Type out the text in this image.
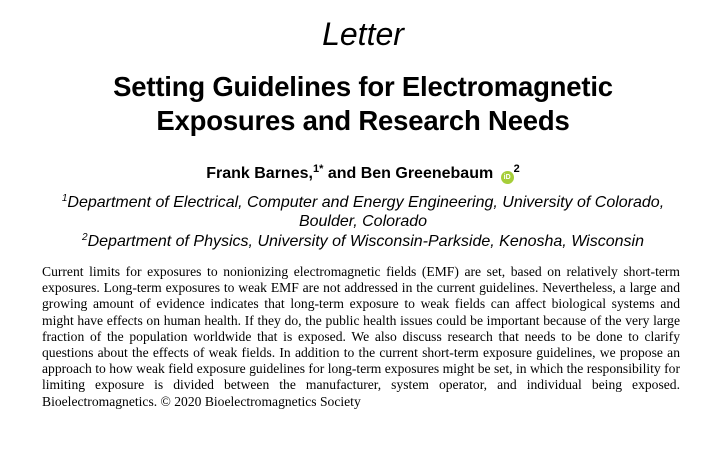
Letter
Setting Guidelines for Electromagnetic
Exposures and Research Needs
Frank Barnes,$^{1*}$ and Ben Greenebaum $iD^2$
$^1$Department of Electrical, Computer and Energy Engineering, University of Colorado, Boulder, Colorado
$^2$Department of Physics, University of Wisconsin-Parkside, Kenosha, Wisconsin

Current limits for exposures to nonionizing electromagnetic fields (EMF) are set, based on relatively short-term exposures. Long-term exposures to weak EMF are not addressed in the current guidelines. Nevertheless, a large and growing amount of evidence indicates that long-term exposure to weak fields can affect biological systems and might have effects on human health. If they do, the public health issues could be important because of the very large fraction of the population worldwide that is exposed. We also discuss research that needs to be done to clarify questions about the effects of weak fields. In addition to the current short-term exposure guidelines, we propose an approach to how weak field exposure guidelines for long-term exposures might be set, in which the responsibility for limiting exposure is divided between the manufacturer, system operator, and individual being exposed. Bioelectromagnetics. © 2020 Bioelectromagnetics Society
